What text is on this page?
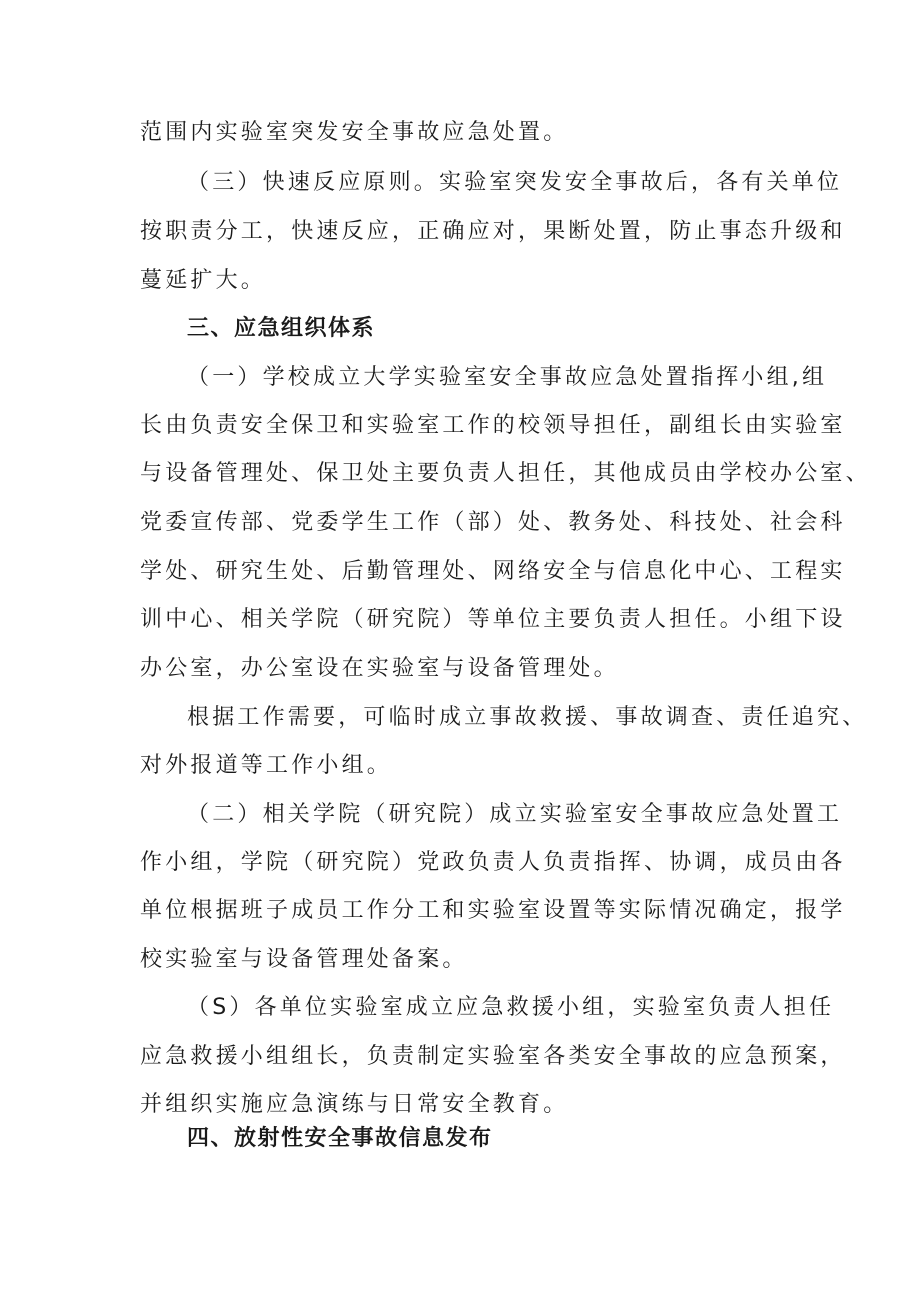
范围内实验室突发安全事故应急处置。
（三）快速反应原则。实验室突发安全事故后，各有关单位
按职责分工，快速反应，正确应对，果断处置，防止事态升级和
蔓延扩大。
三、应急组织体系
（一）学校成立大学实验室安全事故应急处置指挥小组,组
长由负责安全保卫和实验室工作的校领导担任，副组长由实验室
与设备管理处、保卫处主要负责人担任，其他成员由学校办公室、
党委宣传部、党委学生工作（部）处、教务处、科技处、社会科
学处、研究生处、后勤管理处、网络安全与信息化中心、工程实
训中心、相关学院（研究院）等单位主要负责人担任。小组下设
办公室，办公室设在实验室与设备管理处。
根据工作需要，可临时成立事故救援、事故调查、责任追究、
对外报道等工作小组。
（二）相关学院（研究院）成立实验室安全事故应急处置工
作小组，学院（研究院）党政负责人负责指挥、协调，成员由各
单位根据班子成员工作分工和实验室设置等实际情况确定，报学
校实验室与设备管理处备案。
（S）各单位实验室成立应急救援小组，实验室负责人担任
应急救援小组组长，负责制定实验室各类安全事故的应急预案，
并组织实施应急演练与日常安全教育。
四、放射性安全事故信息发布
